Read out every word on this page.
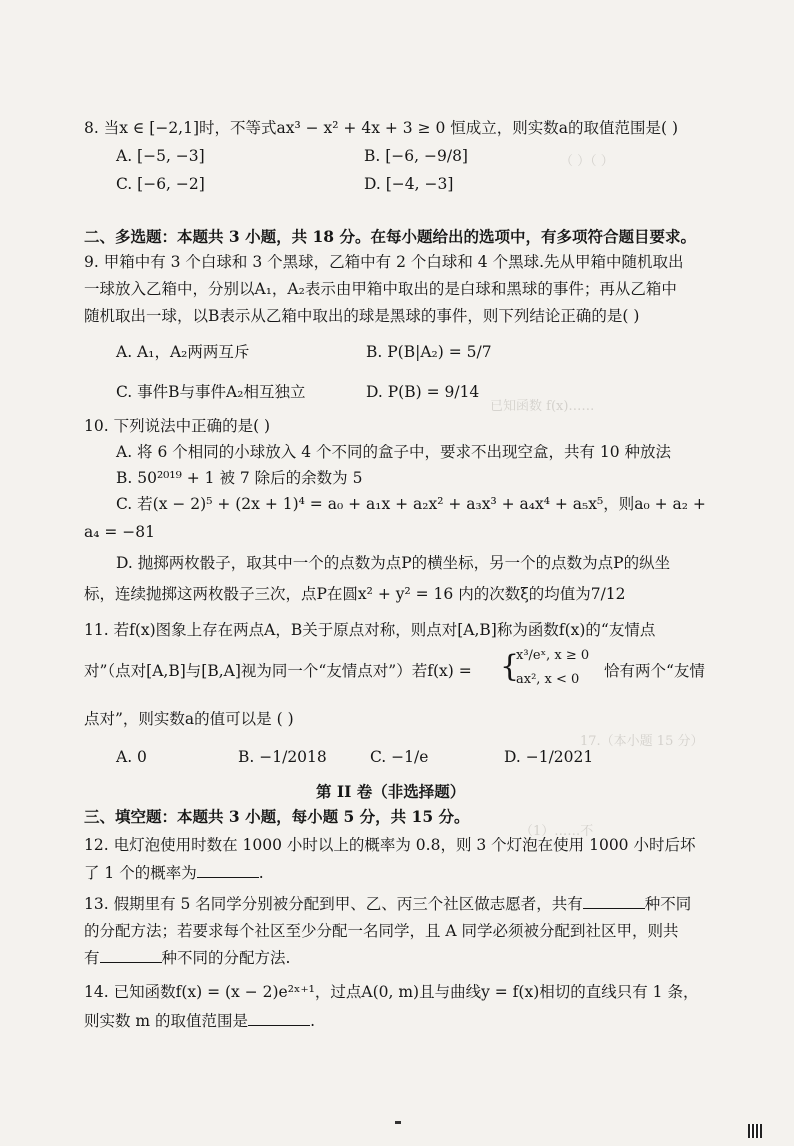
（ ）（ ）
已知函数 f(x)……
17.（本小题 15 分）
（1）……不
8. 当x ∈ [−2,1]时，不等式ax³ − x² + 4x + 3 ≥ 0 恒成立，则实数a的取值范围是( )
A. [−5, −3]	B. [−6, −9/8]
C. [−6, −2]	D. [−4, −3]
二、多选题：本题共 3 小题，共 18 分。在每小题给出的选项中，有多项符合题目要求。
9. 甲箱中有 3 个白球和 3 个黑球，乙箱中有 2 个白球和 4 个黑球.先从甲箱中随机取出
一球放入乙箱中，分别以A₁，A₂表示由甲箱中取出的是白球和黑球的事件；再从乙箱中
随机取出一球，以B表示从乙箱中取出的球是黑球的事件，则下列结论正确的是( )
A. A₁，A₂两两互斥	B. P(B|A₂) = 5/7
C. 事件B与事件A₂相互独立	D. P(B) = 9/14
10. 下列说法中正确的是( )
A. 将 6 个相同的小球放入 4 个不同的盒子中，要求不出现空盒，共有 10 种放法
B. 50²⁰¹⁹ + 1 被 7 除后的余数为 5
C. 若(x − 2)⁵ + (2x + 1)⁴ = a₀ + a₁x + a₂x² + a₃x³ + a₄x⁴ + a₅x⁵，则a₀ + a₂ +
a₄ = −81
D. 抛掷两枚骰子，取其中一个的点数为点P的横坐标，另一个的点数为点P的纵坐
标，连续抛掷这两枚骰子三次，点P在圆x² + y² = 16 内的次数ξ的均值为7/12
11. 若f(x)图象上存在两点A，B关于原点对称，则点对[A,B]称为函数f(x)的“友情点
对”（点对[A,B]与[B,A]视为同一个“友情点对”）若f(x) = {
x³/eˣ, x ≥ 0
ax², x < 0 恰有两个“友情
点对”，则实数a的值可以是 ( )
A. 0	B. −1/2018	C. −1/e	D. −1/2021
第 II 卷（非选择题）
三、填空题：本题共 3 小题，每小题 5 分，共 15 分。
12. 电灯泡使用时数在 1000 小时以上的概率为 0.8，则 3 个灯泡在使用 1000 小时后坏
了 1 个的概率为	.
13. 假期里有 5 名同学分别被分配到甲、乙、丙三个社区做志愿者，共有	种不同
的分配方法；若要求每个社区至少分配一名同学，且 A 同学必须被分配到社区甲，则共
有	种不同的分配方法.
14. 已知函数f(x) = (x − 2)e²ˣ⁺¹，过点A(0, m)且与曲线y = f(x)相切的直线只有 1 条，
则实数 m 的取值范围是	.
